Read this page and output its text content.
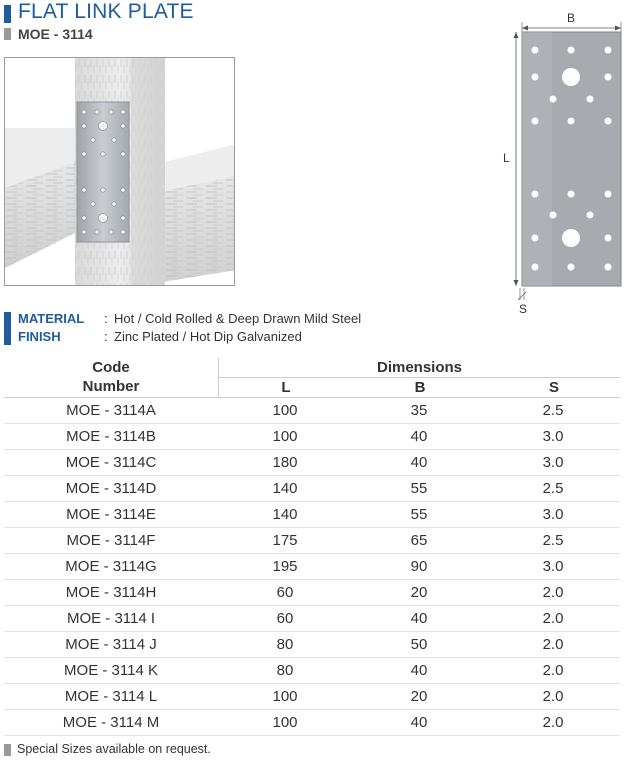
FLAT LINK PLATE
MOE - 3114
B
L
S
MATERIAL : Hot / Cold Rolled & Deep Drawn Mild Steel
FINISH	: Zinc Plated / Hot Dip Galvanized
Code
Number
Dimensions
L	B	S
MOE - 3114A	100	35	2.5
MOE - 3114B	100	40	3.0
MOE - 3114C	180	40	3.0
MOE - 3114D	140	55	2.5
MOE - 3114E	140	55	3.0
MOE - 3114F	175	65	2.5
MOE - 3114G	195	90	3.0
MOE - 3114H	60	20	2.0
MOE - 3114 I	60	40	2.0
MOE - 3114 J	80	50	2.0
MOE - 3114 K	80	40	2.0
MOE - 3114 L	100	20	2.0
MOE - 3114 M	100	40	2.0
Special Sizes available on request.
